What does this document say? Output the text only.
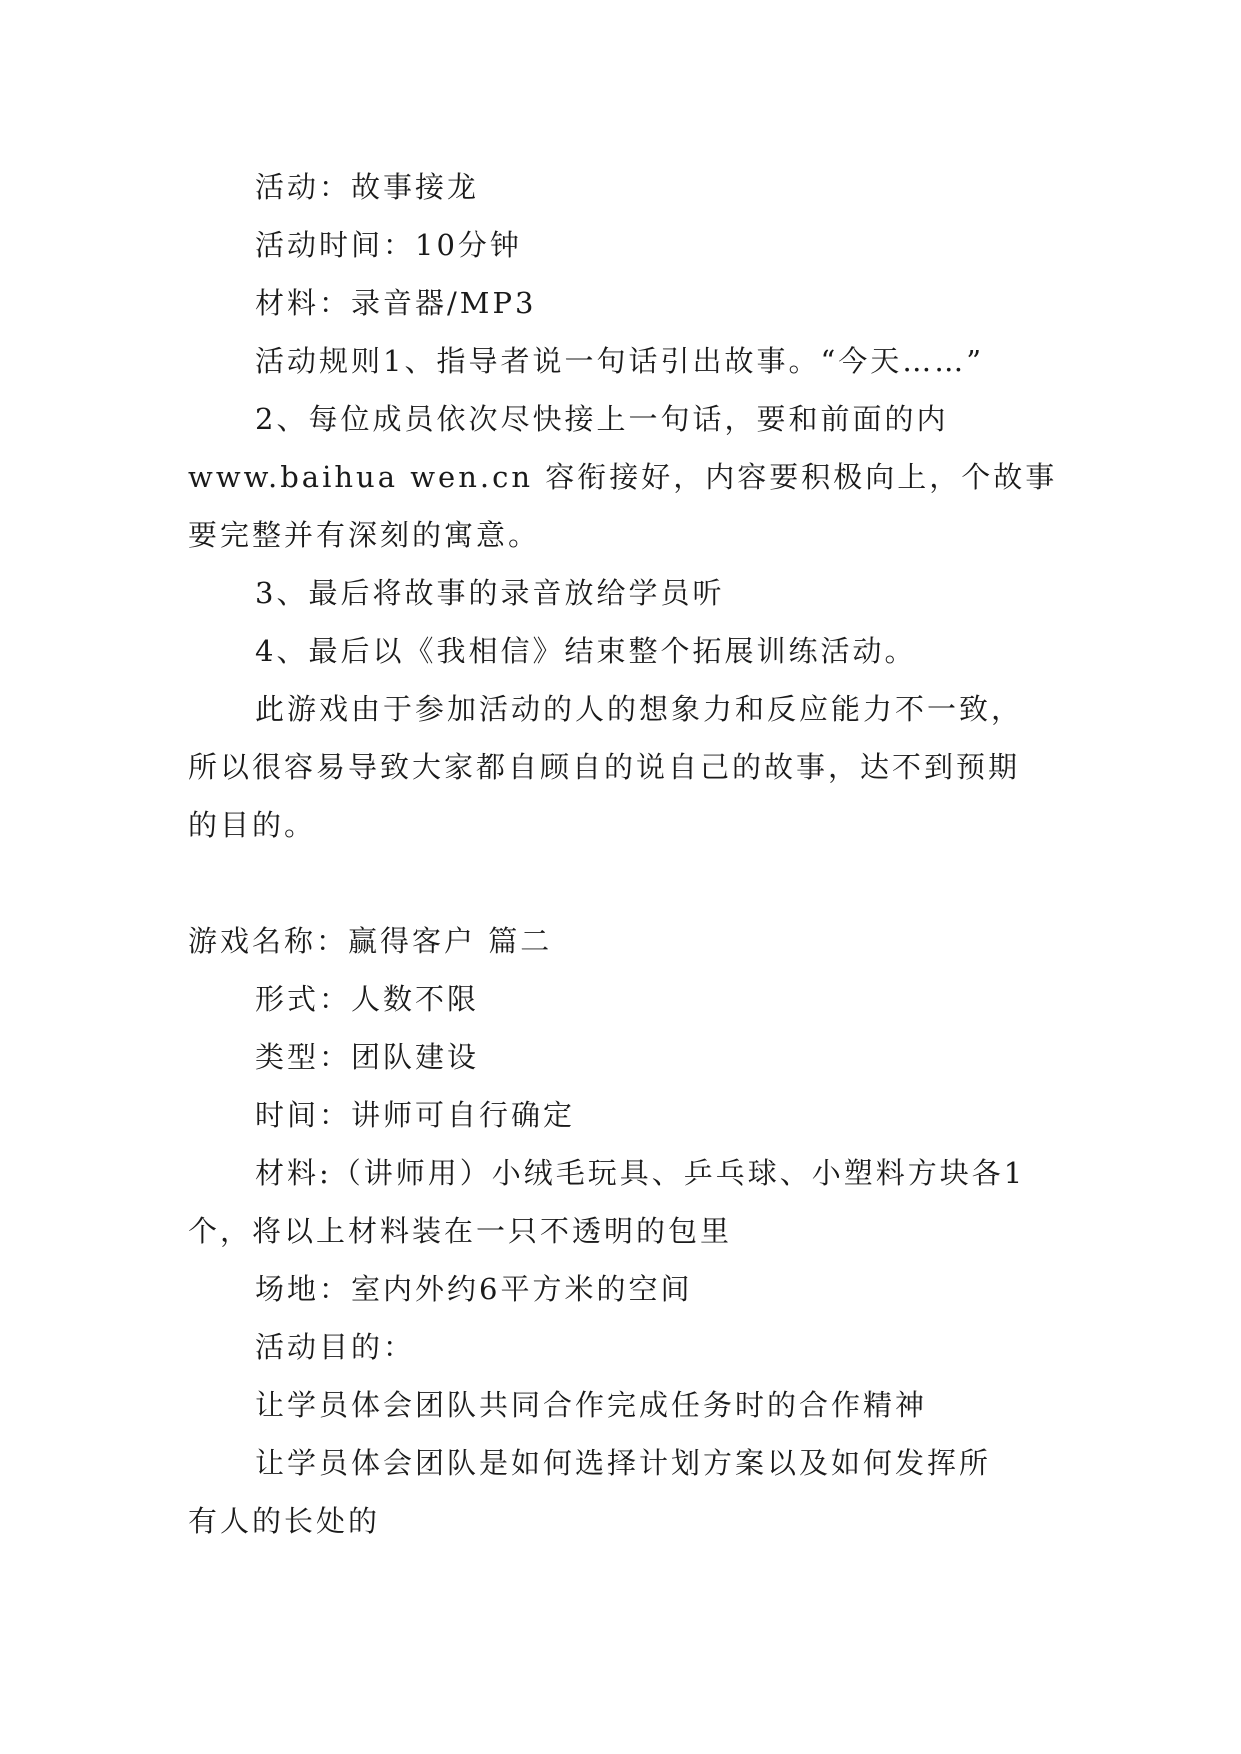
活动：故事接龙
活动时间：10分钟
材料：录音器/MP3
活动规则1、指导者说一句话引出故事。“今天……”
2、每位成员依次尽快接上一句话，要和前面的内
www.baihua wen.cn 容衔接好，内容要积极向上，个故事
要完整并有深刻的寓意。
3、最后将故事的录音放给学员听
4、最后以《我相信》结束整个拓展训练活动。
此游戏由于参加活动的人的想象力和反应能力不一致，
所以很容易导致大家都自顾自的说自己的故事，达不到预期
的目的。
游戏名称：赢得客户 篇二
形式：人数不限
类型：团队建设
时间：讲师可自行确定
材料:（讲师用）小绒毛玩具、乒乓球、小塑料方块各1
个，将以上材料装在一只不透明的包里
场地：室内外约6平方米的空间
活动目的：
让学员体会团队共同合作完成任务时的合作精神
让学员体会团队是如何选择计划方案以及如何发挥所
有人的长处的
